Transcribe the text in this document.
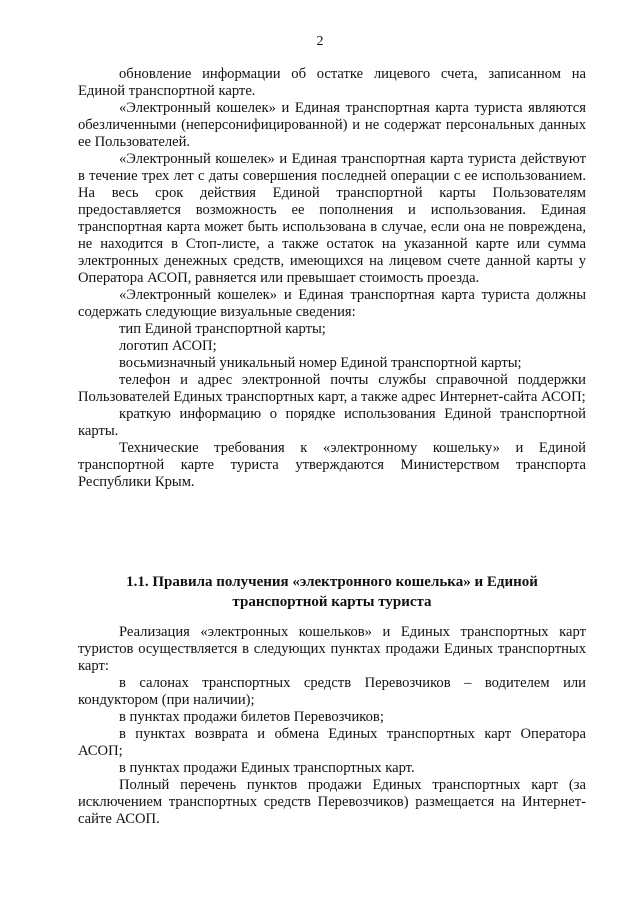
2

обновление информации об остатке лицевого счета, записанном на Единой транспортной карте.

«Электронный кошелек» и Единая транспортная карта туриста являются обезличенными (неперсонифицированной) и не содержат персональных данных ее Пользователей.

«Электронный кошелек» и Единая транспортная карта туриста действуют в течение трех лет с даты совершения последней операции с ее использованием. На весь срок действия Единой транспортной карты Пользователям предоставляется возможность ее пополнения и использования. Единая транспортная карта может быть использована в случае, если она не повреждена, не находится в Стоп-листе, а также остаток на указанной карте или сумма электронных денежных средств, имеющихся на лицевом счете данной карты у Оператора АСОП, равняется или превышает стоимость проезда.

«Электронный кошелек» и Единая транспортная карта туриста должны содержать следующие визуальные сведения:

тип Единой транспортной карты;

логотип АСОП;

восьмизначный уникальный номер Единой транспортной карты;

телефон и адрес электронной почты службы справочной поддержки Пользователей Единых транспортных карт, а также адрес Интернет-сайта АСОП;

краткую информацию о порядке использования Единой транспортной карты.

Технические требования к «электронному кошельку» и Единой транспортной карте туриста утверждаются Министерством транспорта Республики Крым.

1.1. Правила получения «электронного кошелька» и Единой
транспортной карты туриста

Реализация «электронных кошельков» и Единых транспортных карт туристов осуществляется в следующих пунктах продажи Единых транспортных карт:

в салонах транспортных средств Перевозчиков – водителем или кондуктором (при наличии);

в пунктах продажи билетов Перевозчиков;

в пунктах возврата и обмена Единых транспортных карт Оператора АСОП;

в пунктах продажи Единых транспортных карт.

Полный перечень пунктов продажи Единых транспортных карт (за исключением транспортных средств Перевозчиков) размещается на Интернет-сайте АСОП.
